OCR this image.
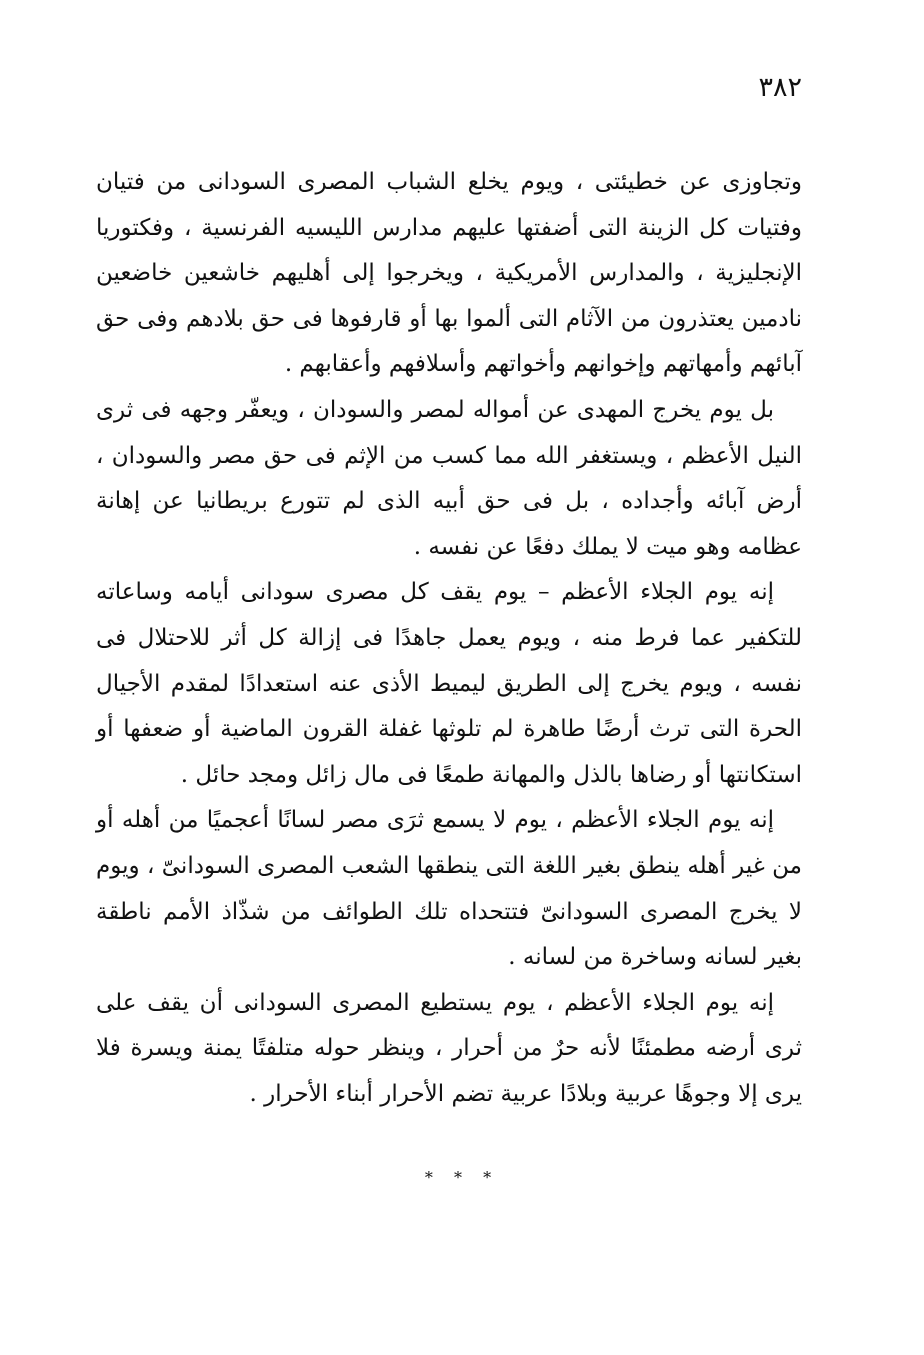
٣٨٢

وتجاوزى عن خطيئتى ، ويوم يخلع الشباب المصرى السودانى من فتيان وفتيات كل الزينة التى أضفتها عليهم مدارس الليسيه الفرنسية ، وفكتوريا الإنجليزية ، والمدارس الأمريكية ، ويخرجوا إلى أهليهم خاشعين خاضعين نادمين يعتذرون من الآثام التى ألموا بها أو قارفوها فى حق بلادهم وفى حق آبائهم وأمهاتهم وإخوانهم وأخواتهم وأسلافهم وأعقابهم .

بل يوم يخرج المهدى عن أمواله لمصر والسودان ، ويعفّر وجهه فى ثرى النيل الأعظم ، ويستغفر الله مما كسب من الإثم فى حق مصر والسودان ، أرض آبائه وأجداده ، بل فى حق أبيه الذى لم تتورع بريطانيا عن إهانة عظامه وهو ميت لا يملك دفعًا عن نفسه .

إنه يوم الجلاء الأعظم – يوم يقف كل مصرى سودانى أيامه وساعاته للتكفير عما فرط منه ، ويوم يعمل جاهدًا فى إزالة كل أثر للاحتلال فى نفسه ، ويوم يخرج إلى الطريق ليميط الأذى عنه استعدادًا لمقدم الأجيال الحرة التى ترث أرضًا طاهرة لم تلوثها غفلة القرون الماضية أو ضعفها أو استكانتها أو رضاها بالذل والمهانة طمعًا فى مال زائل ومجد حائل .

إنه يوم الجلاء الأعظم ، يوم لا يسمع ثرَى مصر لسانًا أعجميًا من أهله أو من غير أهله ينطق بغير اللغة التى ينطقها الشعب المصرى السودانىّ ، ويوم لا يخرج المصرى السودانىّ فتتحداه تلك الطوائف من شذّاذ الأمم ناطقة بغير لسانه وساخرة من لسانه .

إنه يوم الجلاء الأعظم ، يوم يستطيع المصرى السودانى أن يقف على ثرى أرضه مطمئنًا لأنه حرٌ من أحرار ، وينظر حوله متلفتًا يمنة ويسرة فلا يرى إلا وجوهًا عربية وبلادًا عربية تضم الأحرار أبناء الأحرار .

* * *
